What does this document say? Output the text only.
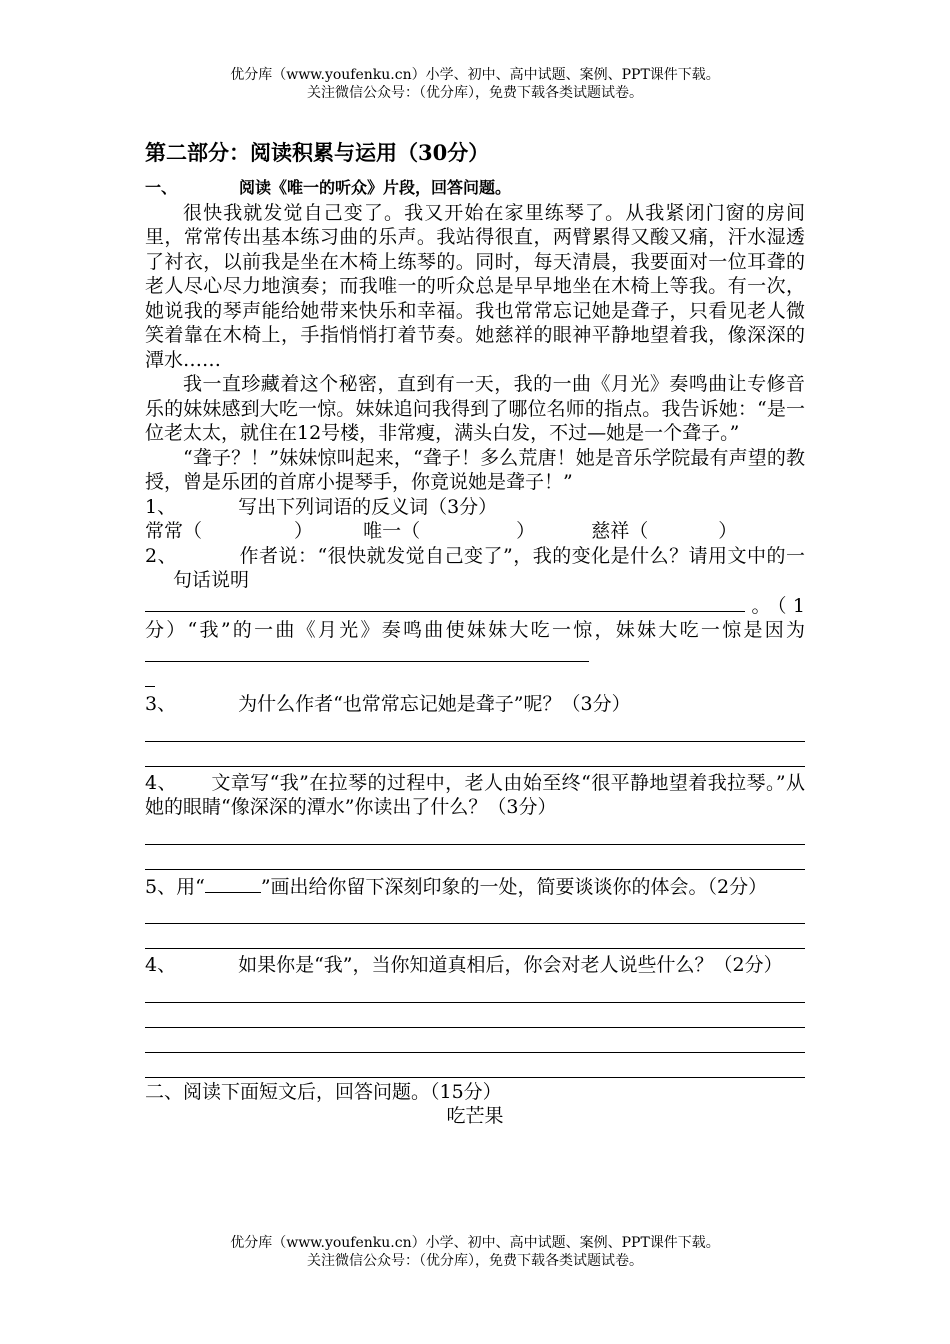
优分库（www.youfenku.cn）小学、初中、高中试题、案例、PPT课件下载。
关注微信公众号：（优分库），免费下载各类试题试卷。
第二部分：阅读积累与运用（30分）

一、	阅读《唯一的听众》片段，回答问题。

很快我就发觉自己变了。我又开始在家里练琴了。从我紧闭门窗的房间里，常常传出基本练习曲的乐声。我站得很直，两臂累得又酸又痛，汗水湿透了衬衣，以前我是坐在木椅上练琴的。同时，每天清晨，我要面对一位耳聋的老人尽心尽力地演奏；而我唯一的听众总是早早地坐在木椅上等我。有一次，她说我的琴声能给她带来快乐和幸福。我也常常忘记她是聋子，只看见老人微笑着靠在木椅上，手指悄悄打着节奏。她慈祥的眼神平静地望着我，像深深的潭水……

我一直珍藏着这个秘密，直到有一天，我的一曲《月光》奏鸣曲让专修音乐的妹妹感到大吃一惊。妹妹追问我得到了哪位名师的指点。我告诉她：“是一位老太太，就住在12号楼，非常瘦，满头白发，不过—她是一个聋子。”

“聋子？！”妹妹惊叫起来，“聋子！多么荒唐！她是音乐学院最有声望的教授，曾是乐团的首席小提琴手，你竟说她是聋子！”

1、	写出下列词语的反义词（3分）

常常（	）	唯一（	）	慈祥（	）

2、	作者说：“很快就发觉自己变了”，我的变化是什么？请用文中的一句话说明

。（1分）“我”的一曲《月光》奏鸣曲使妹妹大吃一惊，妹妹大吃一惊是因为

3、	为什么作者“也常常忘记她是聋子”呢？（3分）

4、 文章写“我”在拉琴的过程中，老人由始至终“很平静地望着我拉琴。”从她的眼睛“像深深的潭水”你读出了什么？（3分）

5、用“	”画出给你留下深刻印象的一处，简要谈谈你的体会。（2分）

4、	如果你是“我”，当你知道真相后，你会对老人说些什么？（2分）

二、阅读下面短文后，回答问题。（15分）

吃芒果

优分库（www.youfenku.cn）小学、初中、高中试题、案例、PPT课件下载。
关注微信公众号：（优分库），免费下载各类试题试卷。
